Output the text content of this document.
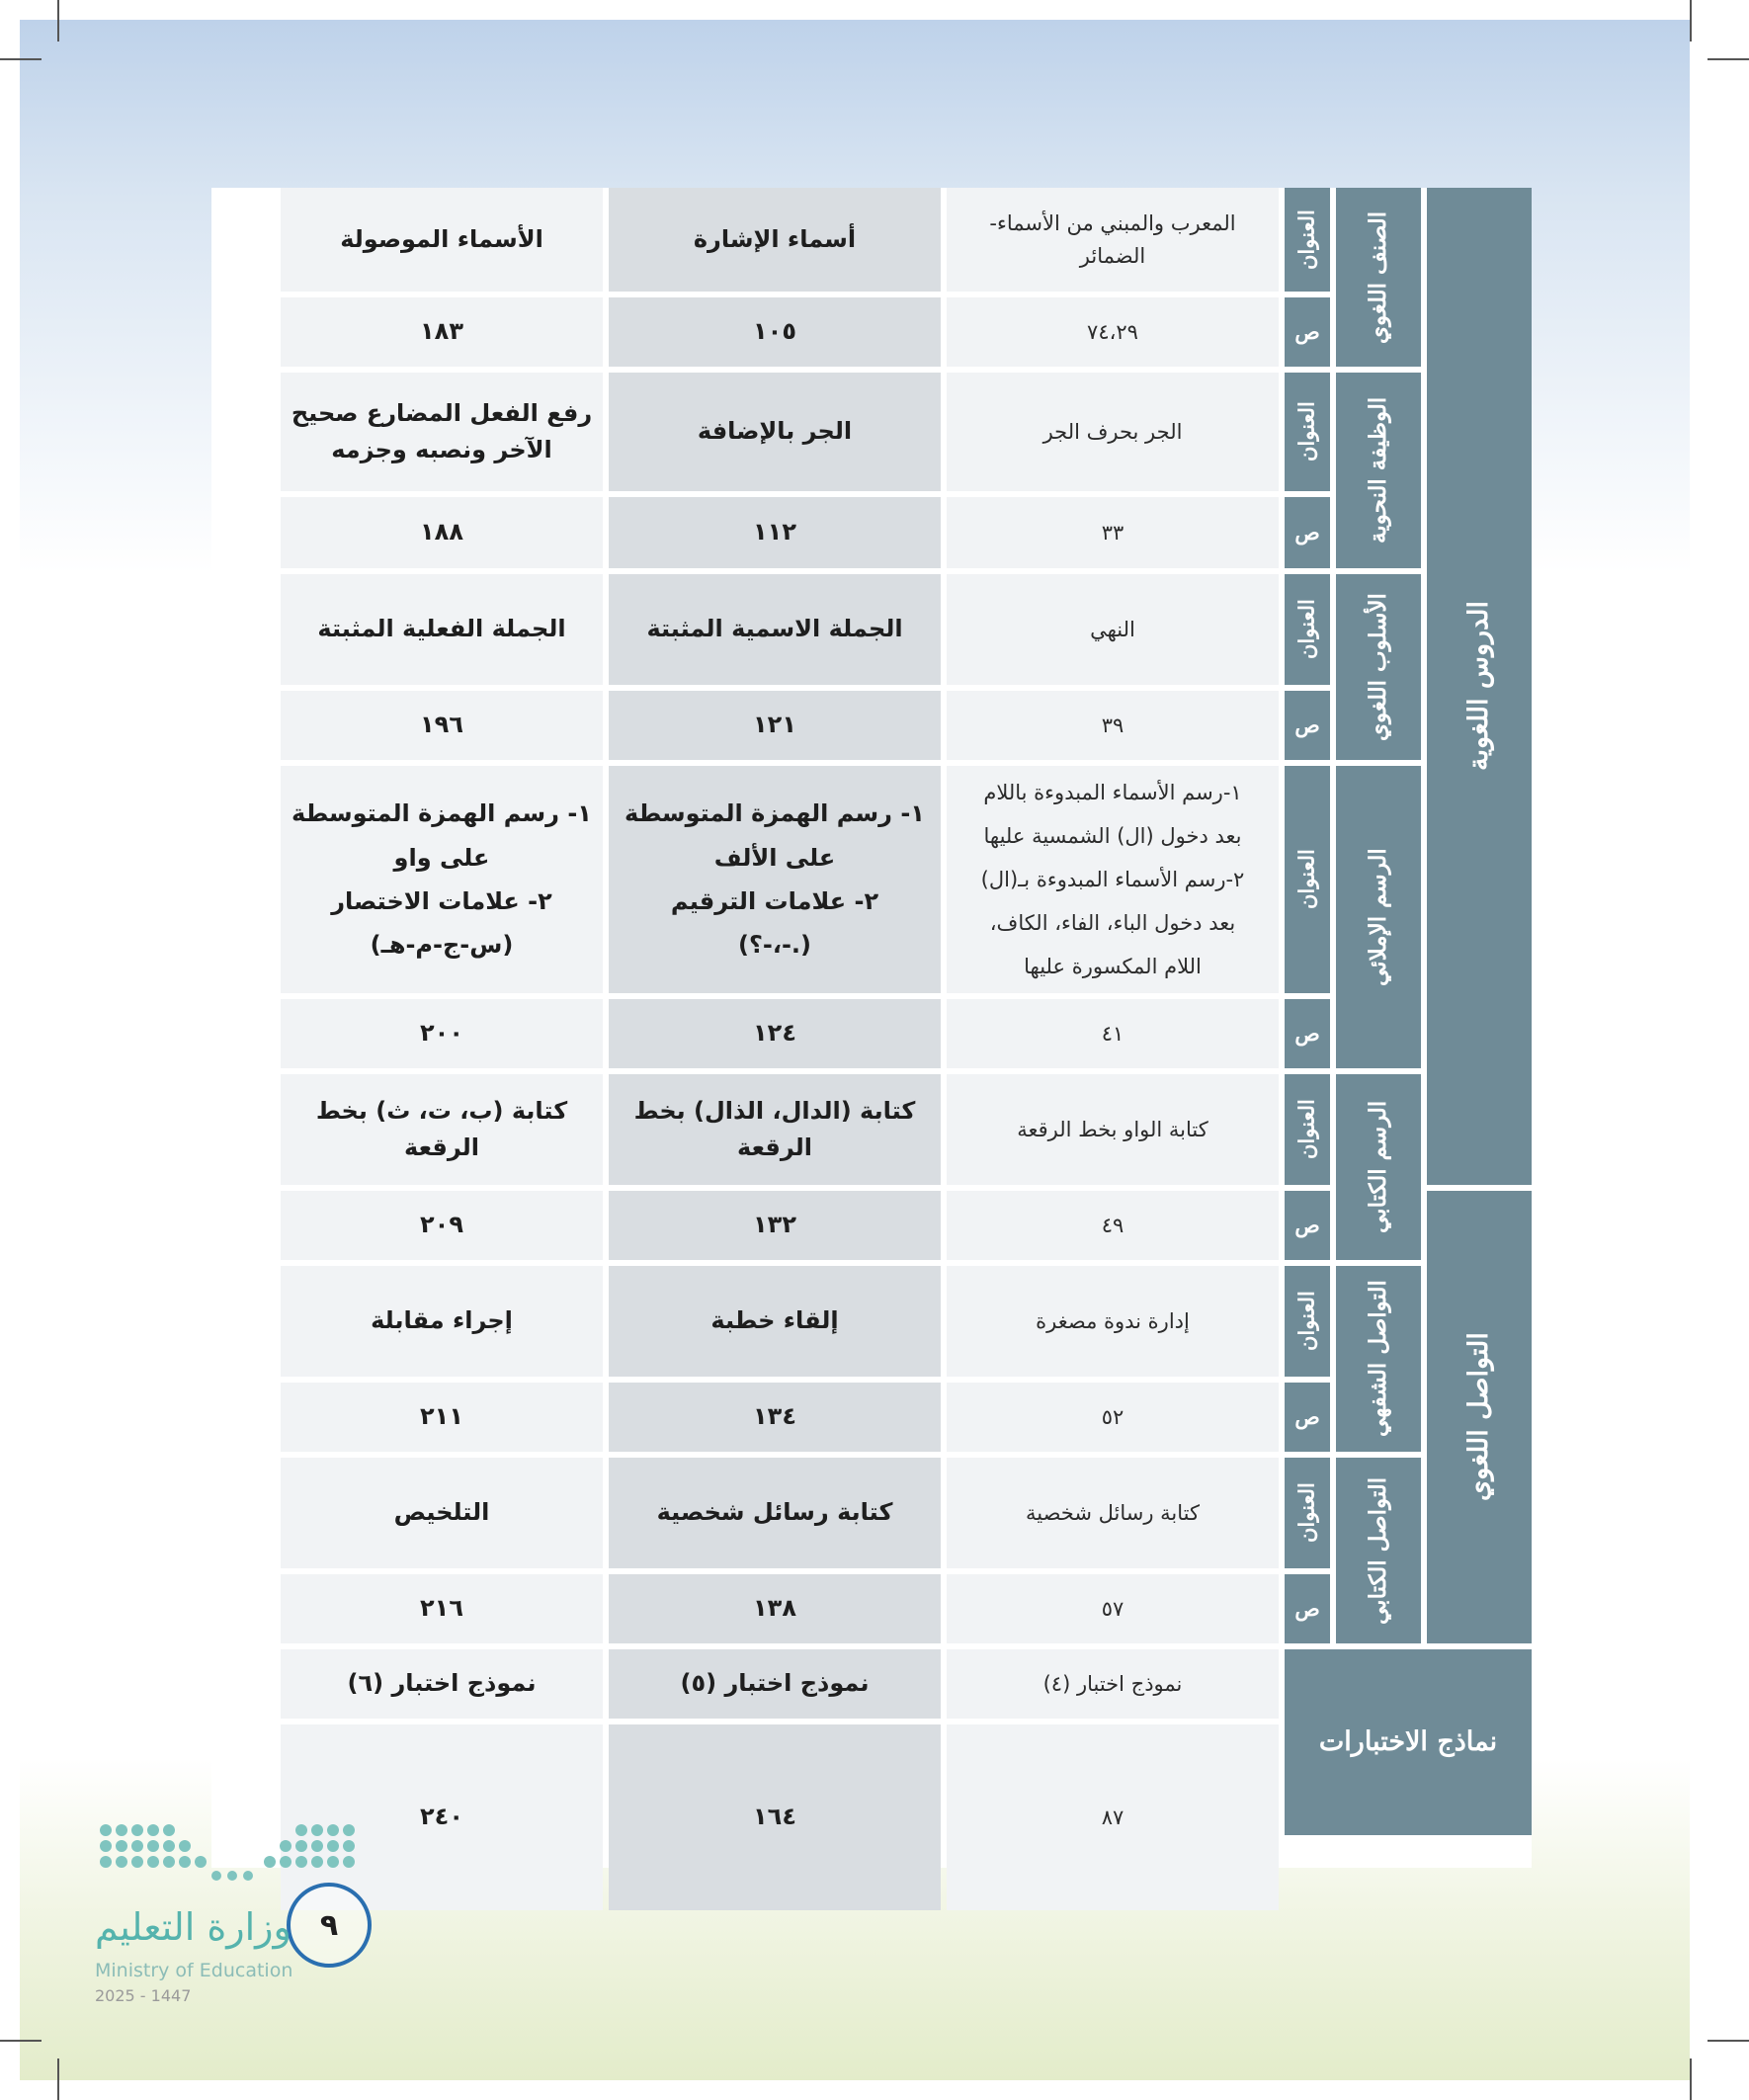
الدروس اللغوية
التواصل اللغوي
نماذج الاختبارات
الصنف اللغوي
الوظيفة النحوية
الأسلوب اللغوي
الرسم الإملائي
الرسم الكتابي
التواصل الشفهي
التواصل الكتابي
العنوان
ص
العنوان
ص
العنوان
ص
العنوان
ص
العنوان
ص
العنوان
ص
العنوان
المعرب والمبني من الأسماء-
الضمائر
أسماء الإشارة
الأسماء الموصولة
٧٤،٢٩
١٠٥
١٨٣
الجر بحرف الجر
الجر بالإضافة
رفع الفعل المضارع صحيح
الآخر ونصبه وجزمه
٣٣
١١٢
١٨٨
النهي
الجملة الاسمية المثبتة
الجملة الفعلية المثبتة
٣٩
١٢١
١٩٦
١-رسم الأسماء المبدوءة باللام
بعد دخول (ال) الشمسية عليها
٢-رسم الأسماء المبدوءة بـ(ال)
بعد دخول الباء، الفاء، الكاف،
اللام المكسورة عليها
١- رسم الهمزة المتوسطة
على الألف
٢- علامات الترقيم
(.-،-؟)
١- رسم الهمزة المتوسطة
على واو
٢- علامات الاختصار
(س-ج-م-هـ)
٤١
١٢٤
٢٠٠
كتابة الواو بخط الرقعة
كتابة (الدال، الذال) بخط
الرقعة
كتابة (ب، ت، ث) بخط
الرقعة
٤٩
١٣٢
٢٠٩
إدارة ندوة مصغرة
إلقاء خطبة
إجراء مقابلة
٥٢
١٣٤
٢١١
كتابة رسائل شخصية
كتابة رسائل شخصية
التلخيص
نموذج اختبار (٤)
نموذج اختبار (٥)
نموذج اختبار (٦)
٨٧
١٦٤
٢٤٠
ص
٥٧
١٣٨
٢١٦
٩
وزارة التعليم
Ministry of Education
2025 - 1447
